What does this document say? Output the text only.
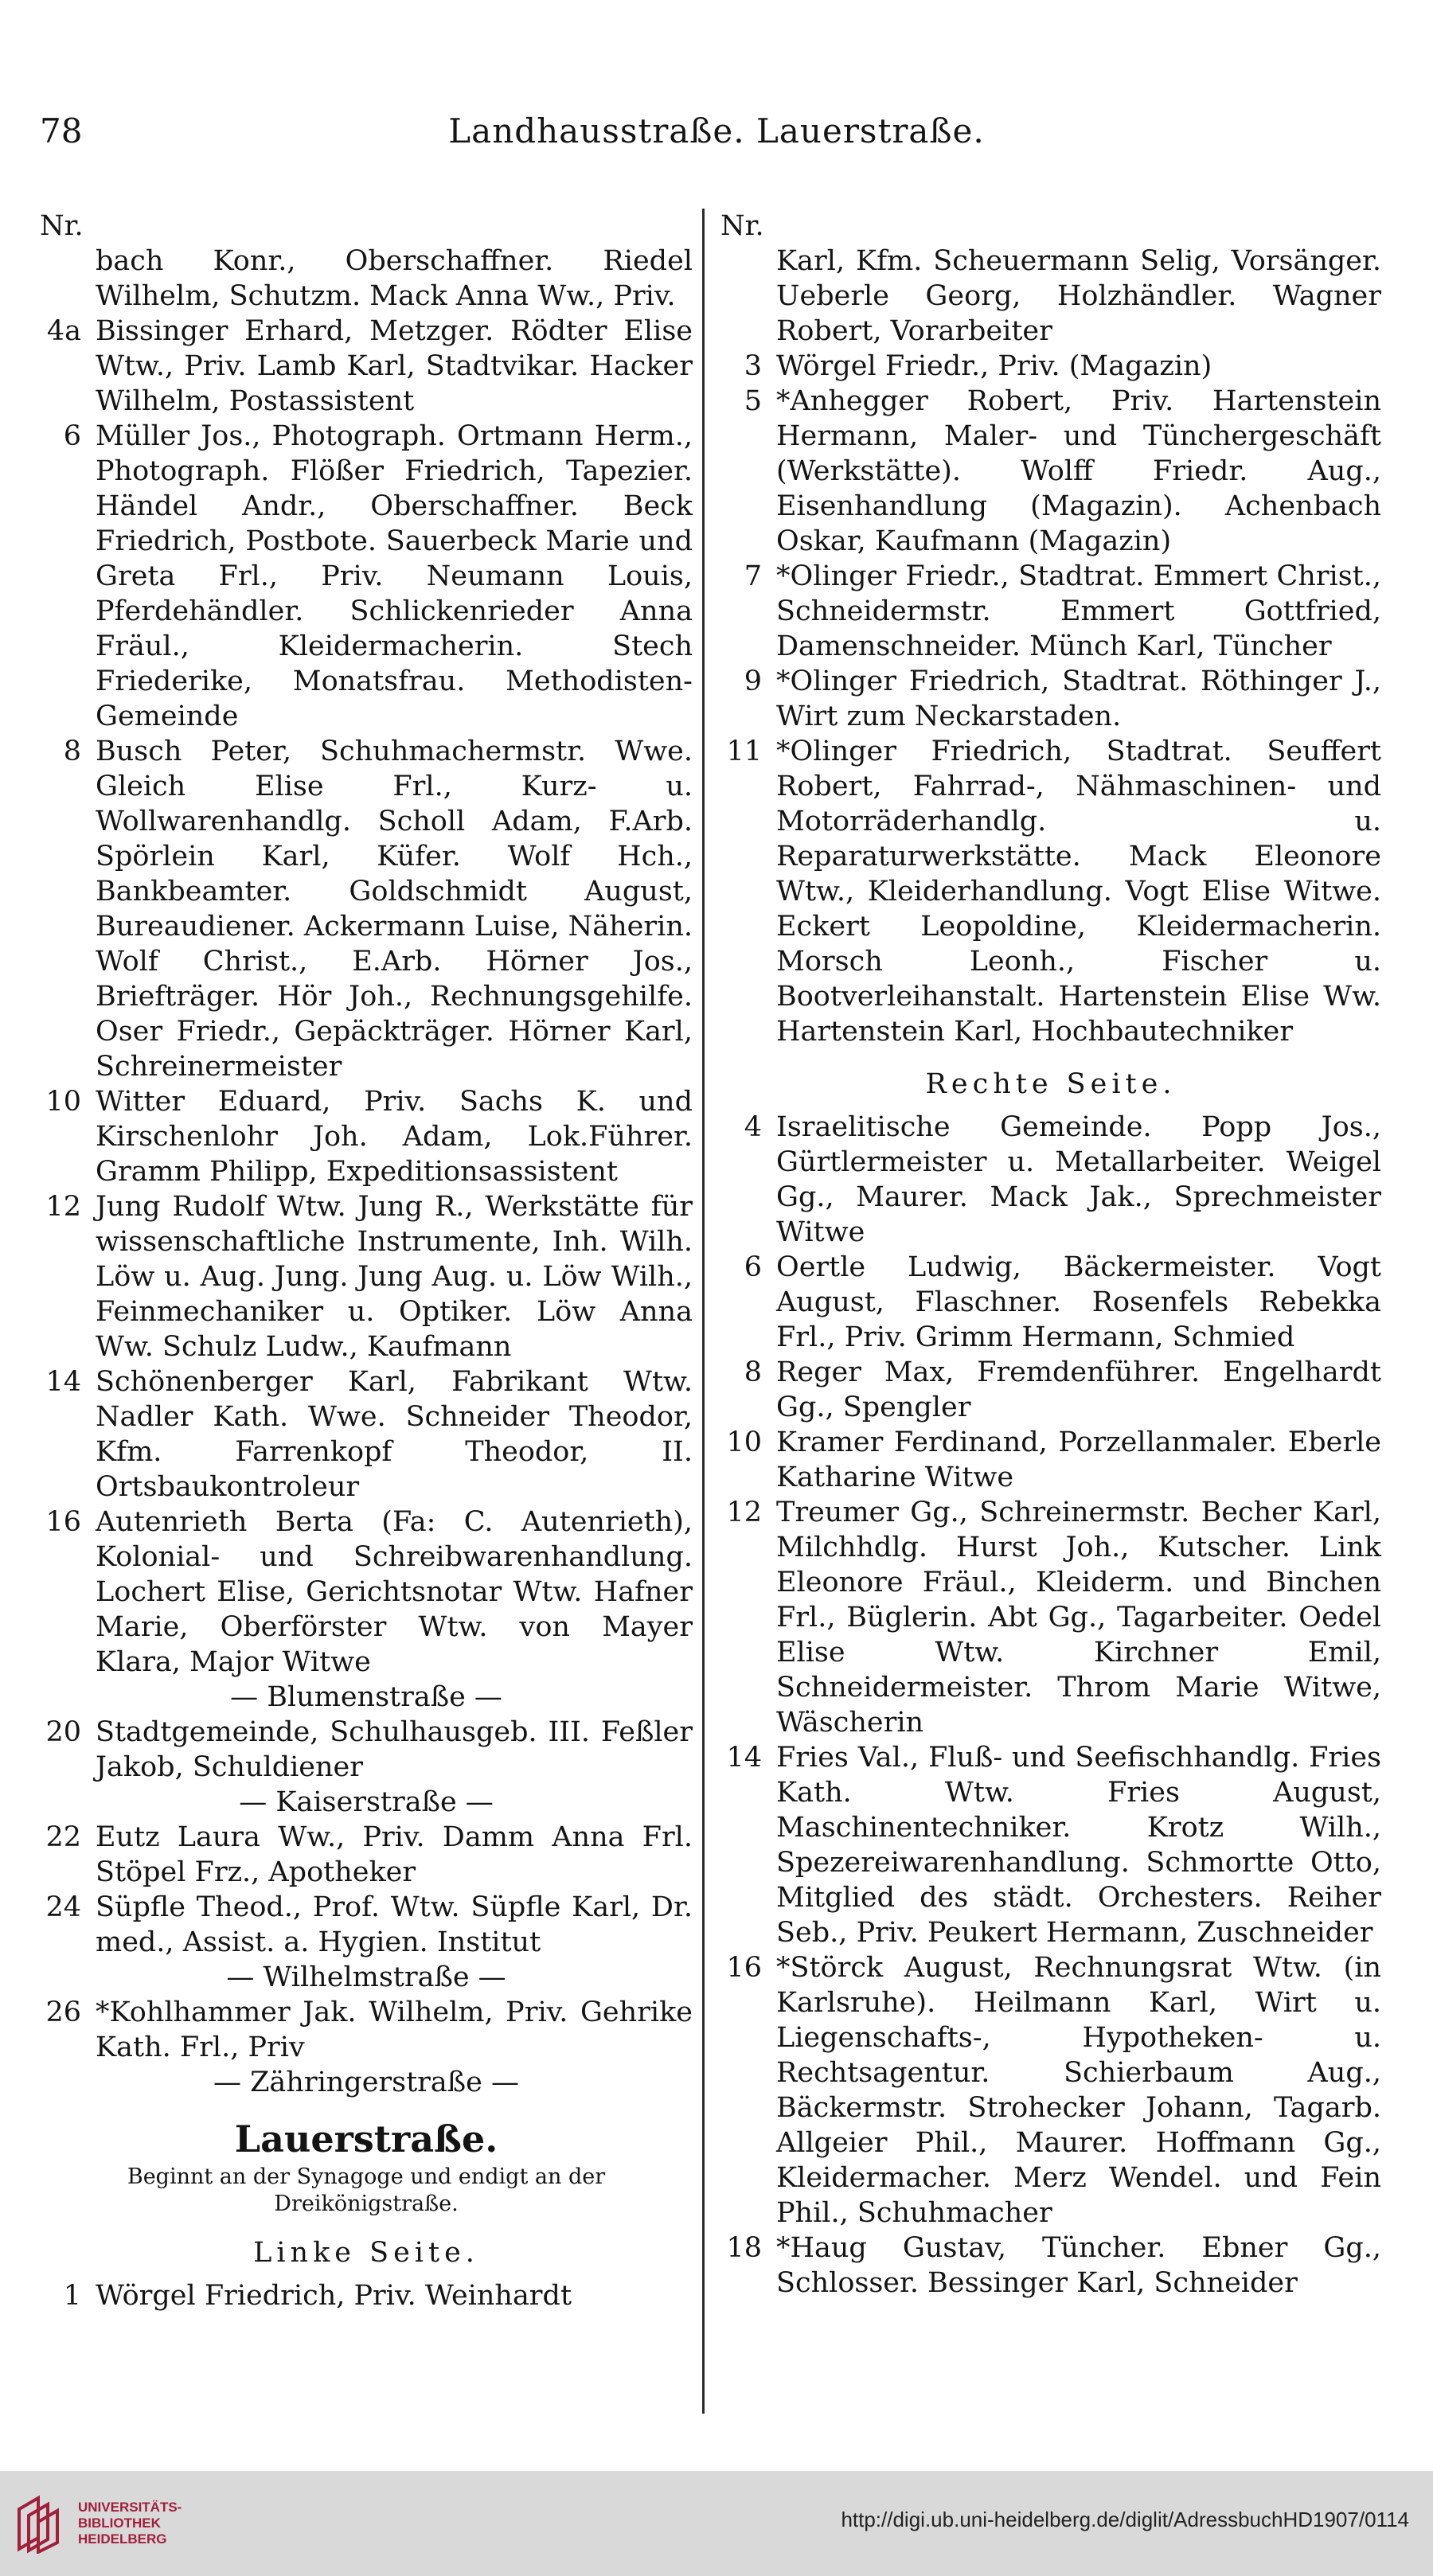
78	Landhausstraße. Lauerstraße.
Nr.
bach Konr., Oberschaffner. Riedel Wilhelm, Schutzm. Mack Anna Ww., Priv.
4a Bissinger Erhard, Metzger. Rödter Elise Wtw., Priv. Lamb Karl, Stadtvikar. Hacker Wilhelm, Postassistent
6 Müller Jos., Photograph. Ortmann Herm., Photograph. Flößer Friedrich, Tapezier. Händel Andr., Oberschaffner. Beck Friedrich, Postbote. Sauerbeck Marie und Greta Frl., Priv. Neumann Louis, Pferdehändler. Schlickenrieder Anna Fräul., Kleidermacherin. Stech Friederike, Monatsfrau. Methodisten-Gemeinde
8 Busch Peter, Schuhmachermstr. Wwe. Gleich Elise Frl., Kurz- u. Wollwarenhandlg. Scholl Adam, F.Arb. Spörlein Karl, Küfer. Wolf Hch., Bankbeamter. Goldschmidt August, Bureaudiener. Ackermann Luise, Näherin. Wolf Christ., E.Arb. Hörner Jos., Briefträger. Hör Joh., Rechnungsgehilfe. Oser Friedr., Gepäckträger. Hörner Karl, Schreinermeister
10 Witter Eduard, Priv. Sachs K. und Kirschenlohr Joh. Adam, Lok.Führer. Gramm Philipp, Expeditionsassistent
12 Jung Rudolf Wtw. Jung R., Werkstätte für wissenschaftliche Instrumente, Inh. Wilh. Löw u. Aug. Jung. Jung Aug. u. Löw Wilh., Feinmechaniker u. Optiker. Löw Anna Ww. Schulz Ludw., Kaufmann
14 Schönenberger Karl, Fabrikant Wtw. Nadler Kath. Wwe. Schneider Theodor, Kfm. Farrenkopf Theodor, II. Ortsbaukontroleur
16 Autenrieth Berta (Fa: C. Autenrieth), Kolonial- und Schreibwarenhandlung. Lochert Elise, Gerichtsnotar Wtw. Hafner Marie, Oberförster Wtw. von Mayer Klara, Major Witwe
— Blumenstraße —
20 Stadtgemeinde, Schulhausgeb. III. Feßler Jakob, Schuldiener
— Kaiserstraße —
22 Eutz Laura Ww., Priv. Damm Anna Frl. Stöpel Frz., Apotheker
24 Süpfle Theod., Prof. Wtw. Süpfle Karl, Dr. med., Assist. a. Hygien. Institut
— Wilhelmstraße —
26 *Kohlhammer Jak. Wilhelm, Priv. Gehrike Kath. Frl., Priv
— Zähringerstraße —
Lauerstraße.
Beginnt an der Synagoge und endigt an der Dreikönigstraße.
Linke Seite.
1 Wörgel Friedrich, Priv. Weinhardt
Nr.
Karl, Kfm. Scheuermann Selig, Vorsänger. Ueberle Georg, Holzhändler. Wagner Robert, Vorarbeiter
3 Wörgel Friedr., Priv. (Magazin)
5 *Anhegger Robert, Priv. Hartenstein Hermann, Maler- und Tünchergeschäft (Werkstätte). Wolff Friedr. Aug., Eisenhandlung (Magazin). Achenbach Oskar, Kaufmann (Magazin)
7 *Olinger Friedr., Stadtrat. Emmert Christ., Schneidermstr. Emmert Gottfried, Damenschneider. Münch Karl, Tüncher
9 *Olinger Friedrich, Stadtrat. Röthinger J., Wirt zum Neckarstaden.
11 *Olinger Friedrich, Stadtrat. Seuffert Robert, Fahrrad-, Nähmaschinen- und Motorräderhandlg. u. Reparaturwerkstätte. Mack Eleonore Wtw., Kleiderhandlung. Vogt Elise Witwe. Eckert Leopoldine, Kleidermacherin. Morsch Leonh., Fischer u. Bootverleihanstalt. Hartenstein Elise Ww. Hartenstein Karl, Hochbautechniker
Rechte Seite.
4 Israelitische Gemeinde. Popp Jos., Gürtlermeister u. Metallarbeiter. Weigel Gg., Maurer. Mack Jak., Sprechmeister Witwe
6 Oertle Ludwig, Bäckermeister. Vogt August, Flaschner. Rosenfels Rebekka Frl., Priv. Grimm Hermann, Schmied
8 Reger Max, Fremdenführer. Engelhardt Gg., Spengler
10 Kramer Ferdinand, Porzellanmaler. Eberle Katharine Witwe
12 Treumer Gg., Schreinermstr. Becher Karl, Milchhdlg. Hurst Joh., Kutscher. Link Eleonore Fräul., Kleiderm. und Binchen Frl., Büglerin. Abt Gg., Tagarbeiter. Oedel Elise Wtw. Kirchner Emil, Schneidermeister. Throm Marie Witwe, Wäscherin
14 Fries Val., Fluß- und Seefischhandlg. Fries Kath. Wtw. Fries August, Maschinentechniker. Krotz Wilh., Spezereiwarenhandlung. Schmortte Otto, Mitglied des städt. Orchesters. Reiher Seb., Priv. Peukert Hermann, Zuschneider
16 *Störck August, Rechnungsrat Wtw. (in Karlsruhe). Heilmann Karl, Wirt u. Liegenschafts-, Hypotheken- u. Rechtsagentur. Schierbaum Aug., Bäckermstr. Strohecker Johann, Tagarb. Allgeier Phil., Maurer. Hoffmann Gg., Kleidermacher. Merz Wendel. und Fein Phil., Schuhmacher
18 *Haug Gustav, Tüncher. Ebner Gg., Schlosser. Bessinger Karl, Schneider
UNIVERSITÄTS-
BIBLIOTHEK
HEIDELBERG
http://digi.ub.uni-heidelberg.de/diglit/AdressbuchHD1907/0114
